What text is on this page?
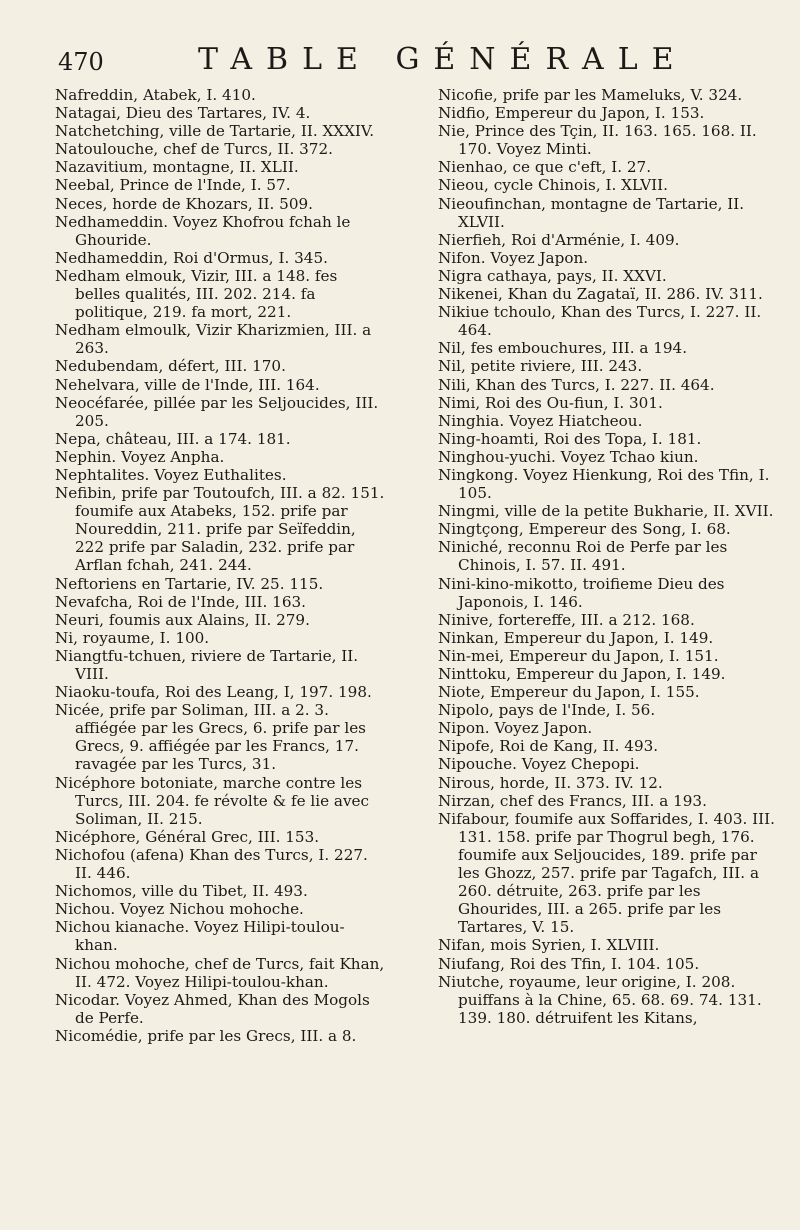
470	TABLE GÉNÉRALE

Nafreddin, Atabek, I. 410.

Natagai, Dieu des Tartares, IV. 4.

Natchetching, ville de Tartarie, II. XXXIV.

Natoulouche, chef de Turcs, II. 372.

Nazavitium, montagne, II. XLII.

Neebal, Prince de l'Inde, I. 57.

Neces, horde de Khozars, II. 509.

Nedhameddin. Voyez Khofrou fchah le Ghouride.

Nedhameddin, Roi d'Ormus, I. 345.

Nedham elmouk, Vizir, III. a 148. fes belles qualités, III. 202. 214. fa politique, 219. fa mort, 221.

Nedham elmoulk, Vizir Kharizmien, III. a 263.

Nedubendam, défert, III. 170.

Nehelvara, ville de l'Inde, III. 164.

Neocéfarée, pillée par les Seljoucides, III. 205.

Nepa, château, III. a 174. 181.

Nephin. Voyez Anpha.

Nephtalites. Voyez Euthalites.

Nefibin, prife par Toutoufch, III. a 82. 151. foumife aux Atabeks, 152. prife par Noureddin, 211. prife par Seïfeddin, 222 prife par Saladin, 232. prife par Arflan fchah, 241. 244.

Neftoriens en Tartarie, IV. 25. 115.

Nevafcha, Roi de l'Inde, III. 163.

Neuri, foumis aux Alains, II. 279.

Ni, royaume, I. 100.

Niangtfu-tchuen, riviere de Tartarie, II. VIII.

Niaoku-toufa, Roi des Leang, I, 197. 198.

Nicée, prife par Soliman, III. a 2. 3. affiégée par les Grecs, 6. prife par les Grecs, 9. affiégée par les Francs, 17. ravagée par les Turcs, 31.

Nicéphore botoniate, marche contre les Turcs, III. 204. fe révolte & fe lie avec Soliman, II. 215.

Nicéphore, Général Grec, III. 153.

Nichofou (afena) Khan des Turcs, I. 227. II. 446.

Nichomos, ville du Tibet, II. 493.

Nichou. Voyez Nichou mohoche.

Nichou kianache. Voyez Hilipi-toulou-khan.

Nichou mohoche, chef de Turcs, fait Khan, II. 472. Voyez Hilipi-toulou-khan.

Nicodar. Voyez Ahmed, Khan des Mogols de Perfe.

Nicomédie, prife par les Grecs, III. a 8.

Nicofie, prife par les Mameluks, V. 324.

Nidfio, Empereur du Japon, I. 153.

Nie, Prince des Tçin, II. 163. 165. 168. II. 170. Voyez Minti.

Nienhao, ce que c'eft, I. 27.

Nieou, cycle Chinois, I. XLVII.

Nieoufinchan, montagne de Tartarie, II. XLVII.

Nierfieh, Roi d'Arménie, I. 409.

Nifon. Voyez Japon.

Nigra cathaya, pays, II. XXVI.

Nikenei, Khan du Zagataï, II. 286. IV. 311.

Nikiue tchoulo, Khan des Turcs, I. 227. II. 464.

Nil, fes embouchures, III. a 194.

Nil, petite riviere, III. 243.

Nili, Khan des Turcs, I. 227. II. 464.

Nimi, Roi des Ou-fiun, I. 301.

Ninghia. Voyez Hiatcheou.

Ning-hoamti, Roi des Topa, I. 181.

Ninghou-yuchi. Voyez Tchao kiun.

Ningkong. Voyez Hienkung, Roi des Tfin, I. 105.

Ningmi, ville de la petite Bukharie, II. XVII.

Ningtçong, Empereur des Song, I. 68.

Niniché, reconnu Roi de Perfe par les Chinois, I. 57. II. 491.

Nini-kino-mikotto, troifieme Dieu des Japonois, I. 146.

Ninive, fortereffe, III. a 212. 168.

Ninkan, Empereur du Japon, I. 149.

Nin-mei, Empereur du Japon, I. 151.

Ninttoku, Empereur du Japon, I. 149.

Niote, Empereur du Japon, I. 155.

Nipolo, pays de l'Inde, I. 56.

Nipon. Voyez Japon.

Nipofe, Roi de Kang, II. 493.

Nipouche. Voyez Chepopi.

Nirous, horde, II. 373. IV. 12.

Nirzan, chef des Francs, III. a 193.

Nifabour, foumife aux Soffarides, I. 403. III. 131. 158. prife par Thogrul begh, 176. foumife aux Seljoucides, 189. prife par les Ghozz, 257. prife par Tagafch, III. a 260. détruite, 263. prife par les Ghourides, III. a 265. prife par les Tartares, V. 15.

Nifan, mois Syrien, I. XLVIII.

Niufang, Roi des Tfin, I. 104. 105.

Niutche, royaume, leur origine, I. 208. puiffans à la Chine, 65. 68. 69. 74. 131. 139. 180. détruifent les Kitans,
